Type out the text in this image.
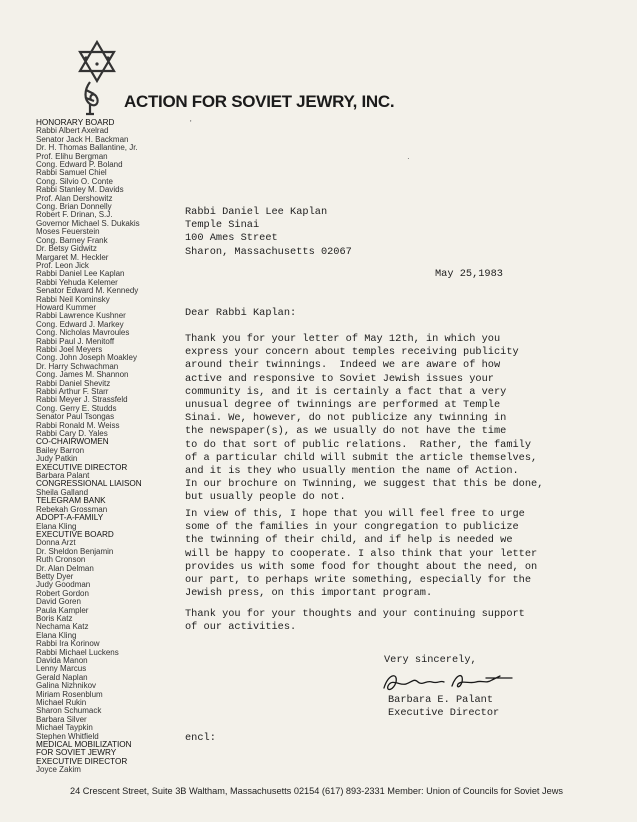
ACTION FOR SOVIET JEWRY, INC.
HONORARY BOARD
Rabbi Albert Axelrad
Senator Jack H. Backman
Dr. H. Thomas Ballantine, Jr.
Prof. Elihu Bergman
Cong. Edward P. Boland
Rabbi Samuel Chiel
Cong. Silvio O. Conte
Rabbi Stanley M. Davids
Prof. Alan Dershowitz
Cong. Brian Donnelly
Robert F. Drinan, S.J.
Governor Michael S. Dukakis
Moses Feuerstein
Cong. Barney Frank
Dr. Betsy Gidwitz
Margaret M. Heckler
Prof. Leon Jick
Rabbi Daniel Lee Kaplan
Rabbi Yehuda Kelemer
Senator Edward M. Kennedy
Rabbi Neil Kominsky
Howard Kummer
Rabbi Lawrence Kushner
Cong. Edward J. Markey
Cong. Nicholas Mavroules
Rabbi Paul J. Menitoff
Rabbi Joel Meyers
Cong. John Joseph Moakley
Dr. Harry Schwachman
Cong. James M. Shannon
Rabbi Daniel Shevitz
Rabbi Arthur F. Starr
Rabbi Meyer J. Strassfeld
Cong. Gerry E. Studds
Senator Paul Tsongas
Rabbi Ronald M. Weiss
Rabbi Cary D. Yales
CO-CHAIRWOMEN
Bailey Barron
Judy Patkin
EXECUTIVE DIRECTOR
Barbara Palant
CONGRESSIONAL LIAISON
Sheila Galland
TELEGRAM BANK
Rebekah Grossman
ADOPT-A-FAMILY
Elana Kling
EXECUTIVE BOARD
Donna Arzt
Dr. Sheldon Benjamin
Ruth Cronson
Dr. Alan Delman
Betty Dyer
Judy Goodman
Robert Gordon
David Goren
Paula Kampler
Boris Katz
Nechama Katz
Elana Kling
Rabbi Ira Korinow
Rabbi Michael Luckens
Davida Manon
Lenny Marcus
Gerald Naplan
Galina Nizhnikov
Miriam Rosenblum
Michael Rukin
Sharon Schumack
Barbara Silver
Michael Taypkin
Stephen Whitfield
MEDICAL MOBILIZATION
FOR SOVIET JEWRY
EXECUTIVE DIRECTOR
Joyce Zakim
Rabbi Daniel Lee Kaplan
Temple Sinai
100 Ames Street
Sharon, Massachusetts 02067
May 25,1983
Dear Rabbi Kaplan:
Thank you for your letter of May 12th, in which you
express your concern about temples receiving publicity
around their twinnings.  Indeed we are aware of how
active and responsive to Soviet Jewish issues your
community is, and it is certainly a fact that a very
unusual degree of twinnings are performed at Temple
Sinai. We, however, do not publicize any twinning in
the newspaper(s), as we usually do not have the time
to do that sort of public relations.  Rather, the family
of a particular child will submit the article themselves,
and it is they who usually mention the name of Action.
In our brochure on Twinning, we suggest that this be done,
but usually people do not.
In view of this, I hope that you will feel free to urge
some of the families in your congregation to publicize
the twinning of their child, and if help is needed we
will be happy to cooperate. I also think that your letter
provides us with some food for thought about the need, on
our part, to perhaps write something, especially for the
Jewish press, on this important program.
Thank you for your thoughts and your continuing support
of our activities.
Very sincerely,
Barbara E. Palant
Executive Director
encl:
24 Crescent Street, Suite 3B Waltham, Massachusetts 02154 (617) 893-2331 Member: Union of Councils for Soviet Jews
'
·
